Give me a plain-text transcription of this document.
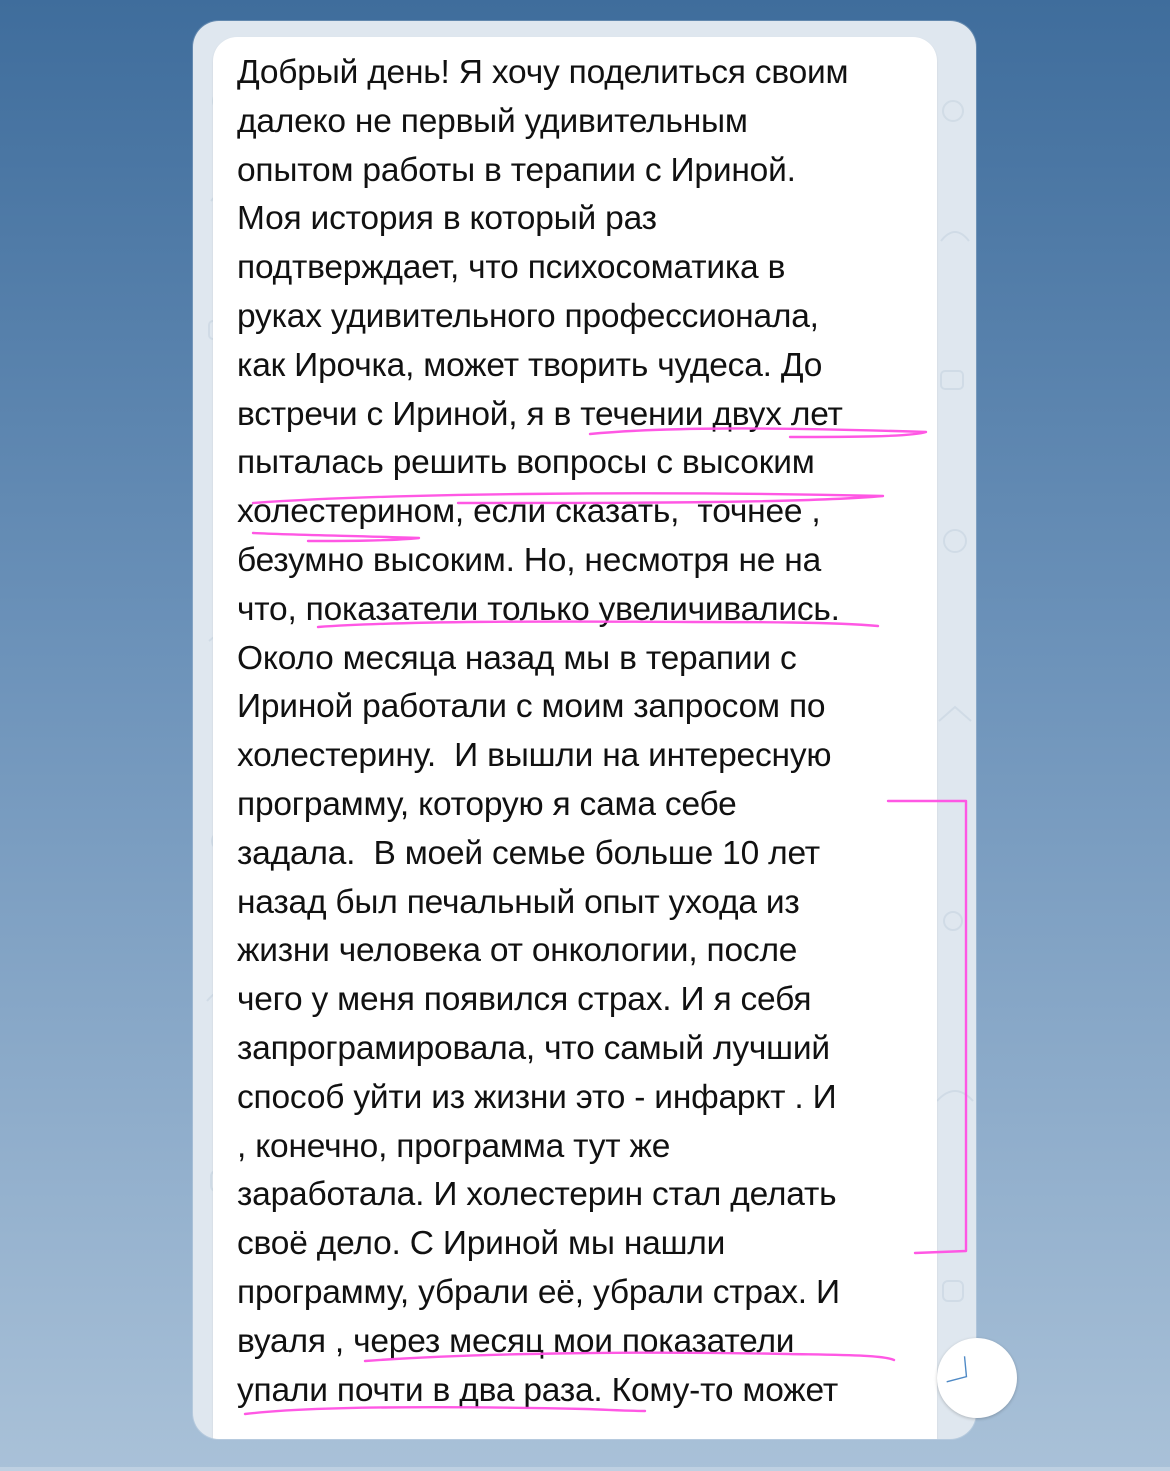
Добрый день! Я хочу поделиться своим
далеко не первый удивительным
опытом работы в терапии с Ириной.
Моя история в который раз
подтверждает, что психосоматика в
руках удивительного профессионала,
как Ирочка, может творить чудеса. До
встречи с Ириной, я в течении двух лет
пыталась решить вопросы с высоким
холестерином, если сказать,  точнее ,
безумно высоким. Но, несмотря не на
что, показатели только увеличивались.
Около месяца назад мы в терапии с
Ириной работали с моим запросом по
холестерину.  И вышли на интересную
программу, которую я сама себе
задала.  В моей семье больше 10 лет
назад был печальный опыт ухода из
жизни человека от онкологии, после
чего у меня появился страх. И я себя
запрограмировала, что самый лучший
способ уйти из жизни это - инфаркт . И
, конечно, программа тут же
заработала. И холестерин стал делать
своё дело. С Ириной мы нашли
программу, убрали её, убрали страх. И
вуаля , через месяц мои показатели
упали почти в два раза. Кому-то может	〉
